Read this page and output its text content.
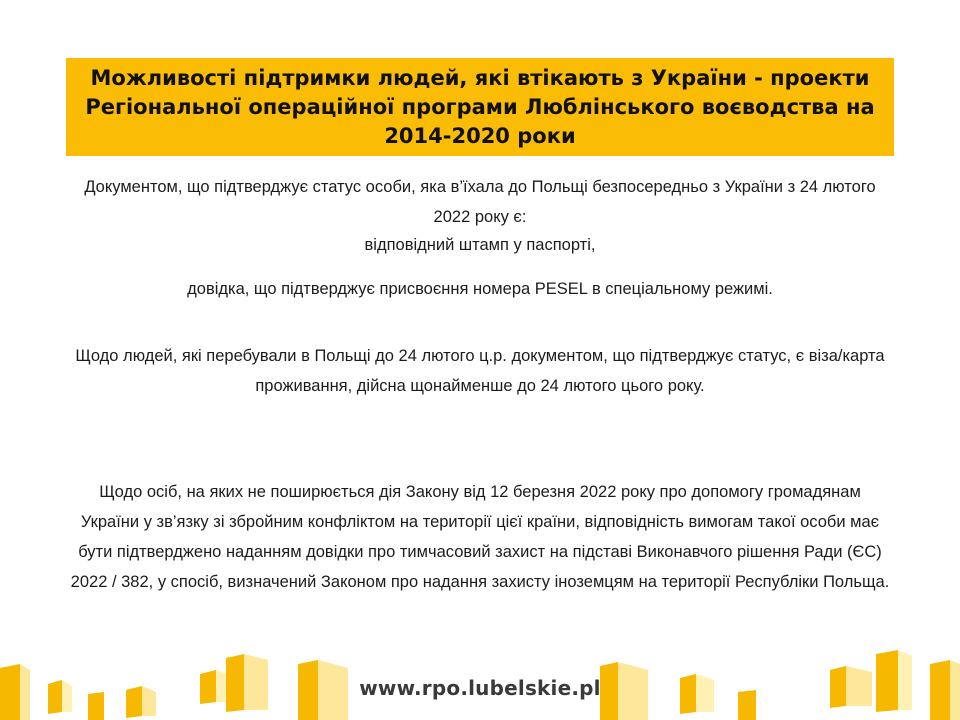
Можливості підтримки людей, які втікають з України - проекти Регіональної операційної програми Люблінського воєводства на 2014-2020 роки

Документом, що підтверджує статус особи, яка в’їхала до Польщі безпосередньо з України з 24 лютого 2022 року є:

відповідний штамп у паспорті,

довідка, що підтверджує присвоєння номера PESEL в спеціальному режимі.

Щодо людей, які перебували в Польщі до 24 лютого ц.р. документом, що підтверджує статус, є віза/карта проживання, дійсна щонайменше до 24 лютого цього року.

Щодо осіб, на яких не поширюється дія Закону від 12 березня 2022 року про допомогу громадянам України у зв’язку зі збройним конфліктом на території цієї країни, відповідність вимогам такої особи має бути підтверджено наданням довідки про тимчасовий захист на підставі Виконавчого рішення Ради (ЄС) 2022 / 382, у спосіб, визначений Законом про надання захисту іноземцям на території Республіки Польща.

www.rpo.lubelskie.pl
